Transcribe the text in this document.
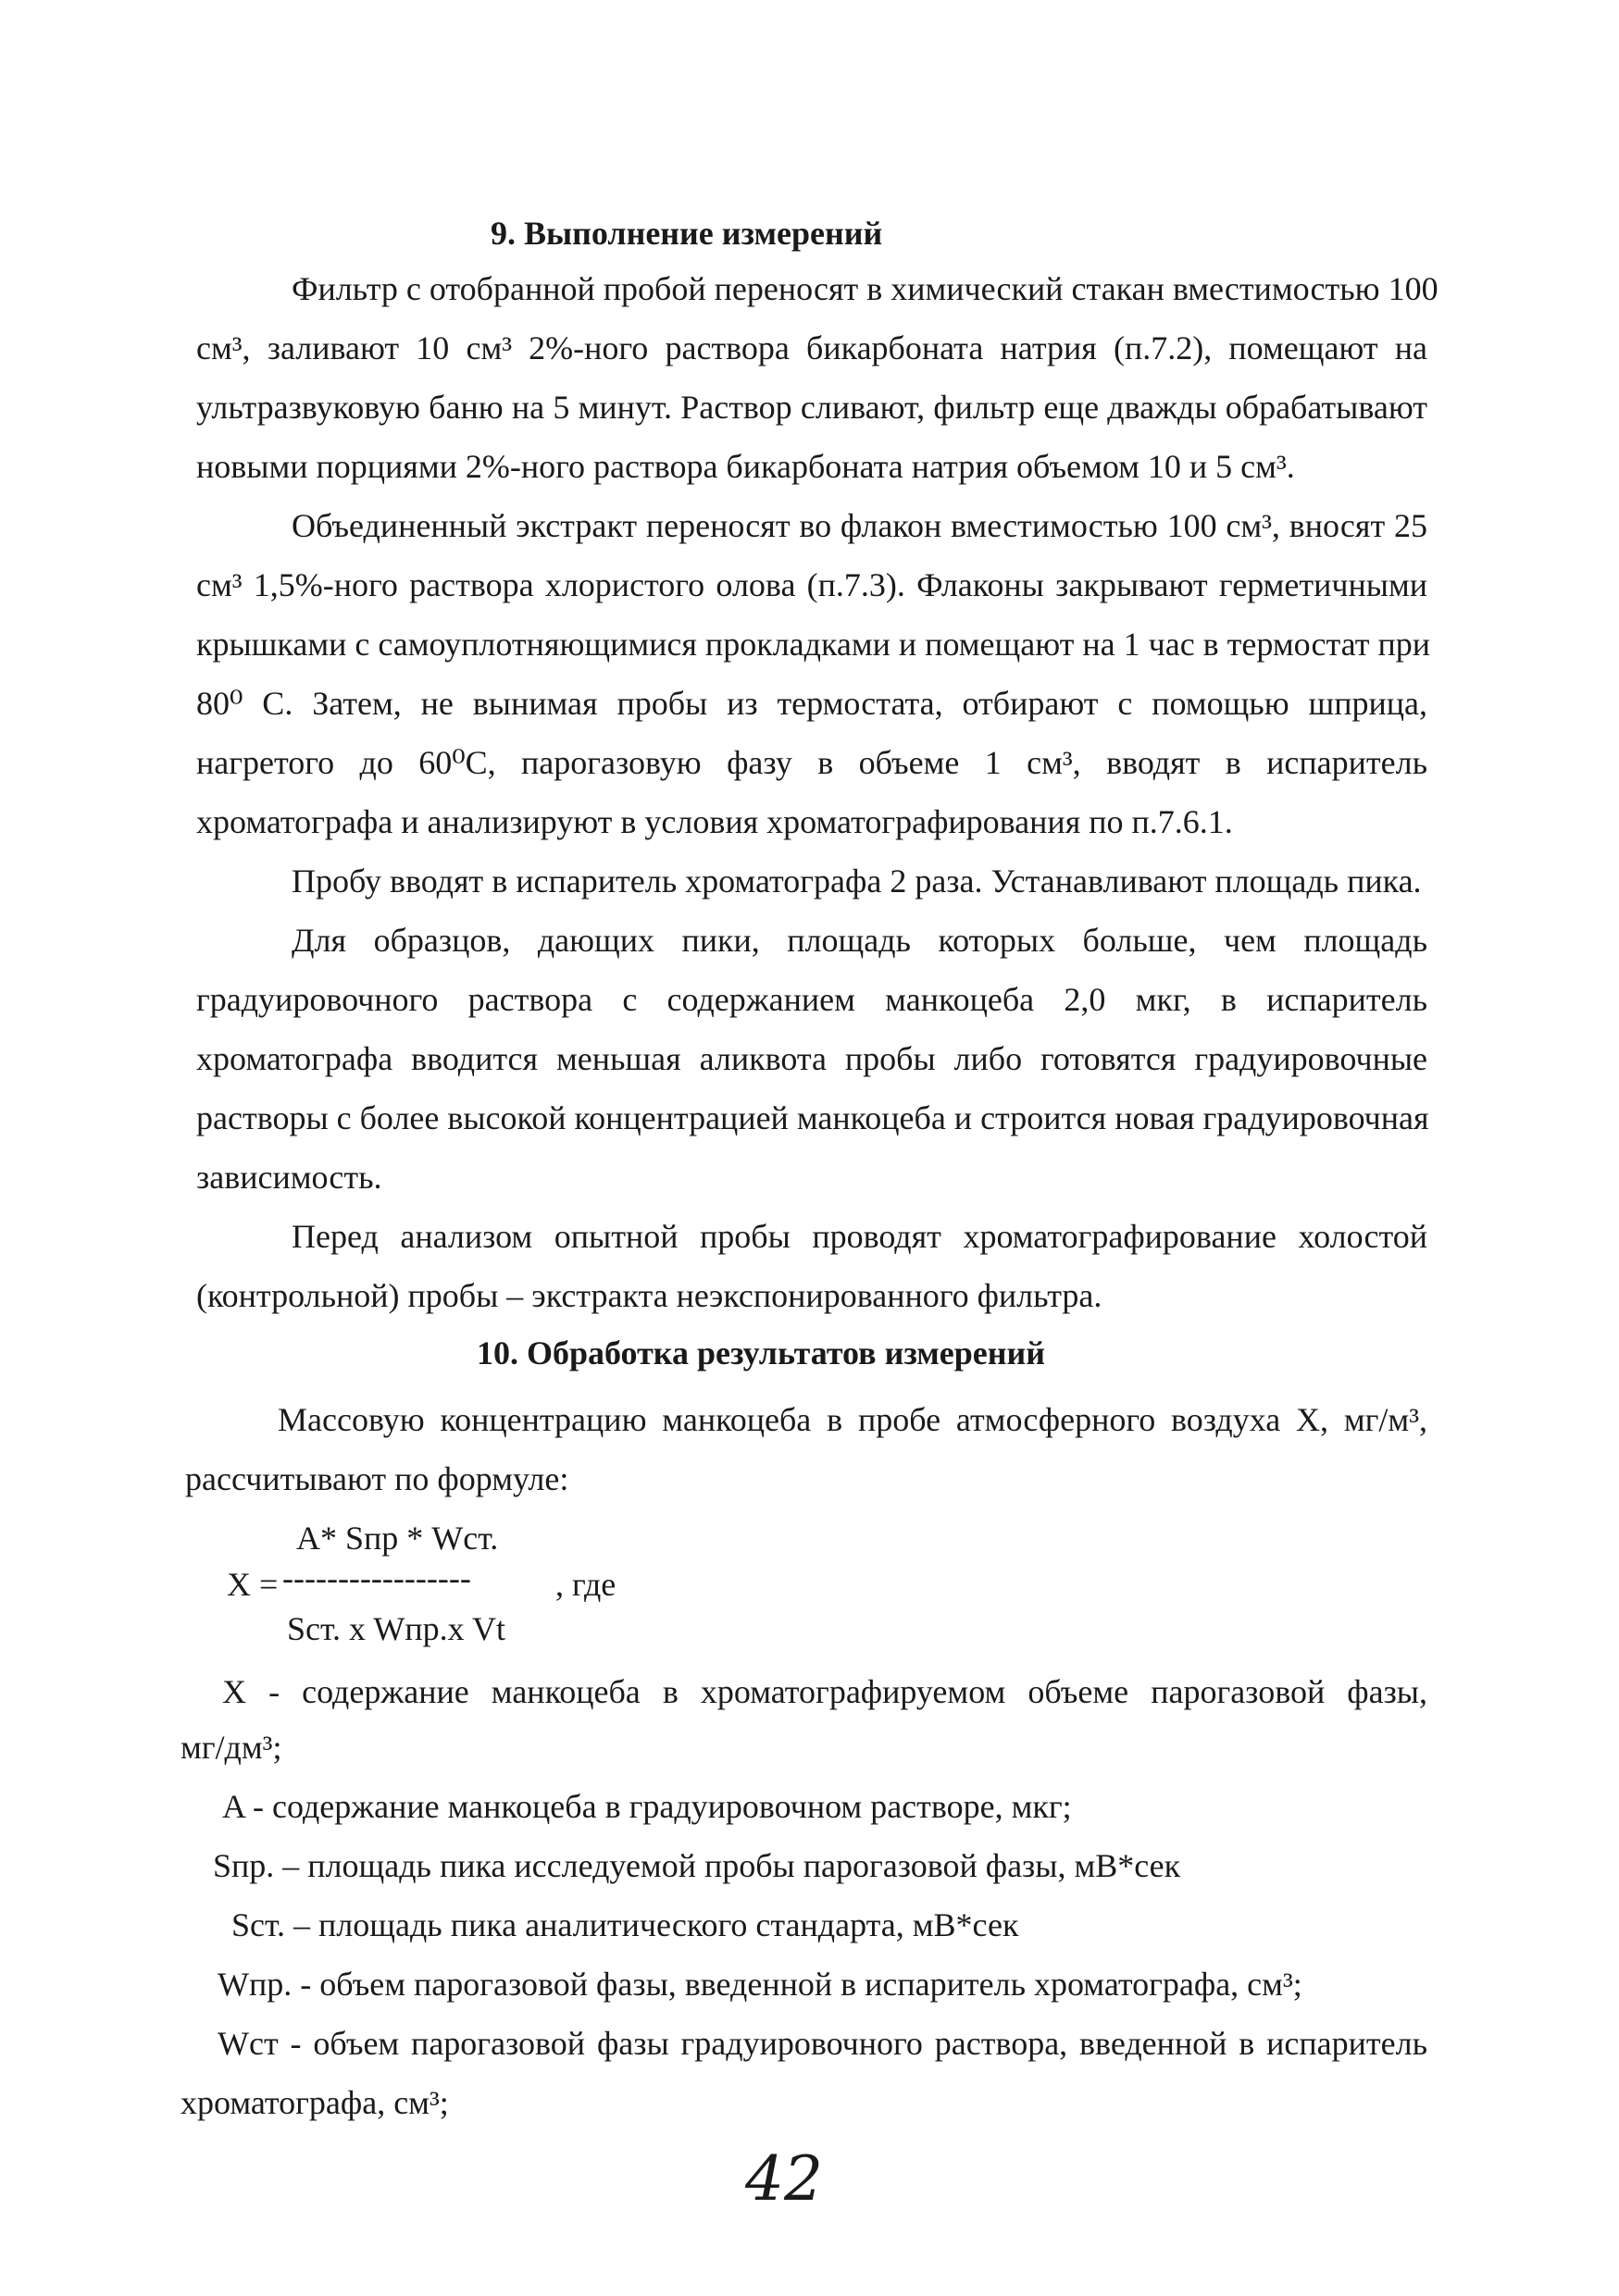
9. Выполнение измерений
Фильтр с отобранной пробой переносят в химический стакан вместимостью 100
см³, заливают 10 см³ 2%-ного раствора бикарбоната натрия (п.7.2), помещают на
ультразвуковую баню на 5 минут. Раствор сливают, фильтр еще дважды обрабатывают
новыми порциями 2%-ного раствора бикарбоната натрия объемом 10 и 5 см³.
Объединенный экстракт переносят во флакон вместимостью 100 см³, вносят 25
см³ 1,5%-ного раствора хлористого олова (п.7.3). Флаконы закрывают герметичными
крышками с самоуплотняющимися прокладками и помещают на 1 час в термостат при
80⁰ С. Затем, не вынимая пробы из термостата, отбирают с помощью шприца,
нагретого до 60⁰С, парогазовую фазу в объеме 1 см³, вводят в испаритель
хроматографа и анализируют в условия хроматографирования по п.7.6.1.
Пробу вводят в испаритель хроматографа 2 раза. Устанавливают площадь пика.
Для образцов, дающих пики, площадь которых больше, чем площадь
градуировочного раствора с содержанием манкоцеба 2,0 мкг, в испаритель
хроматографа вводится меньшая аликвота пробы либо готовятся градуировочные
растворы с более высокой концентрацией манкоцеба и строится новая градуировочная
зависимость.
Перед анализом опытной пробы проводят хроматографирование холостой
(контрольной) пробы – экстракта неэкспонированного фильтра.
10. Обработка результатов измерений
Массовую концентрацию манкоцеба в пробе атмосферного воздуха X, мг/м³,
рассчитывают по формуле:
A* Sпр * Wст.
X = -----------------	, где
Sст. x Wпр.x Vt
X - содержание манкоцеба в хроматографируемом объеме парогазовой фазы,
мг/дм³;
A - содержание манкоцеба в градуировочном растворе, мкг;
Sпр. – площадь пика исследуемой пробы парогазовой фазы, мВ*сек
Sст. – площадь пика аналитического стандарта, мВ*сек
Wпр. - объем парогазовой фазы, введенной в испаритель хроматографа, см³;
Wст - объем парогазовой фазы градуировочного раствора, введенной в испаритель
хроматографа, см³;
42
